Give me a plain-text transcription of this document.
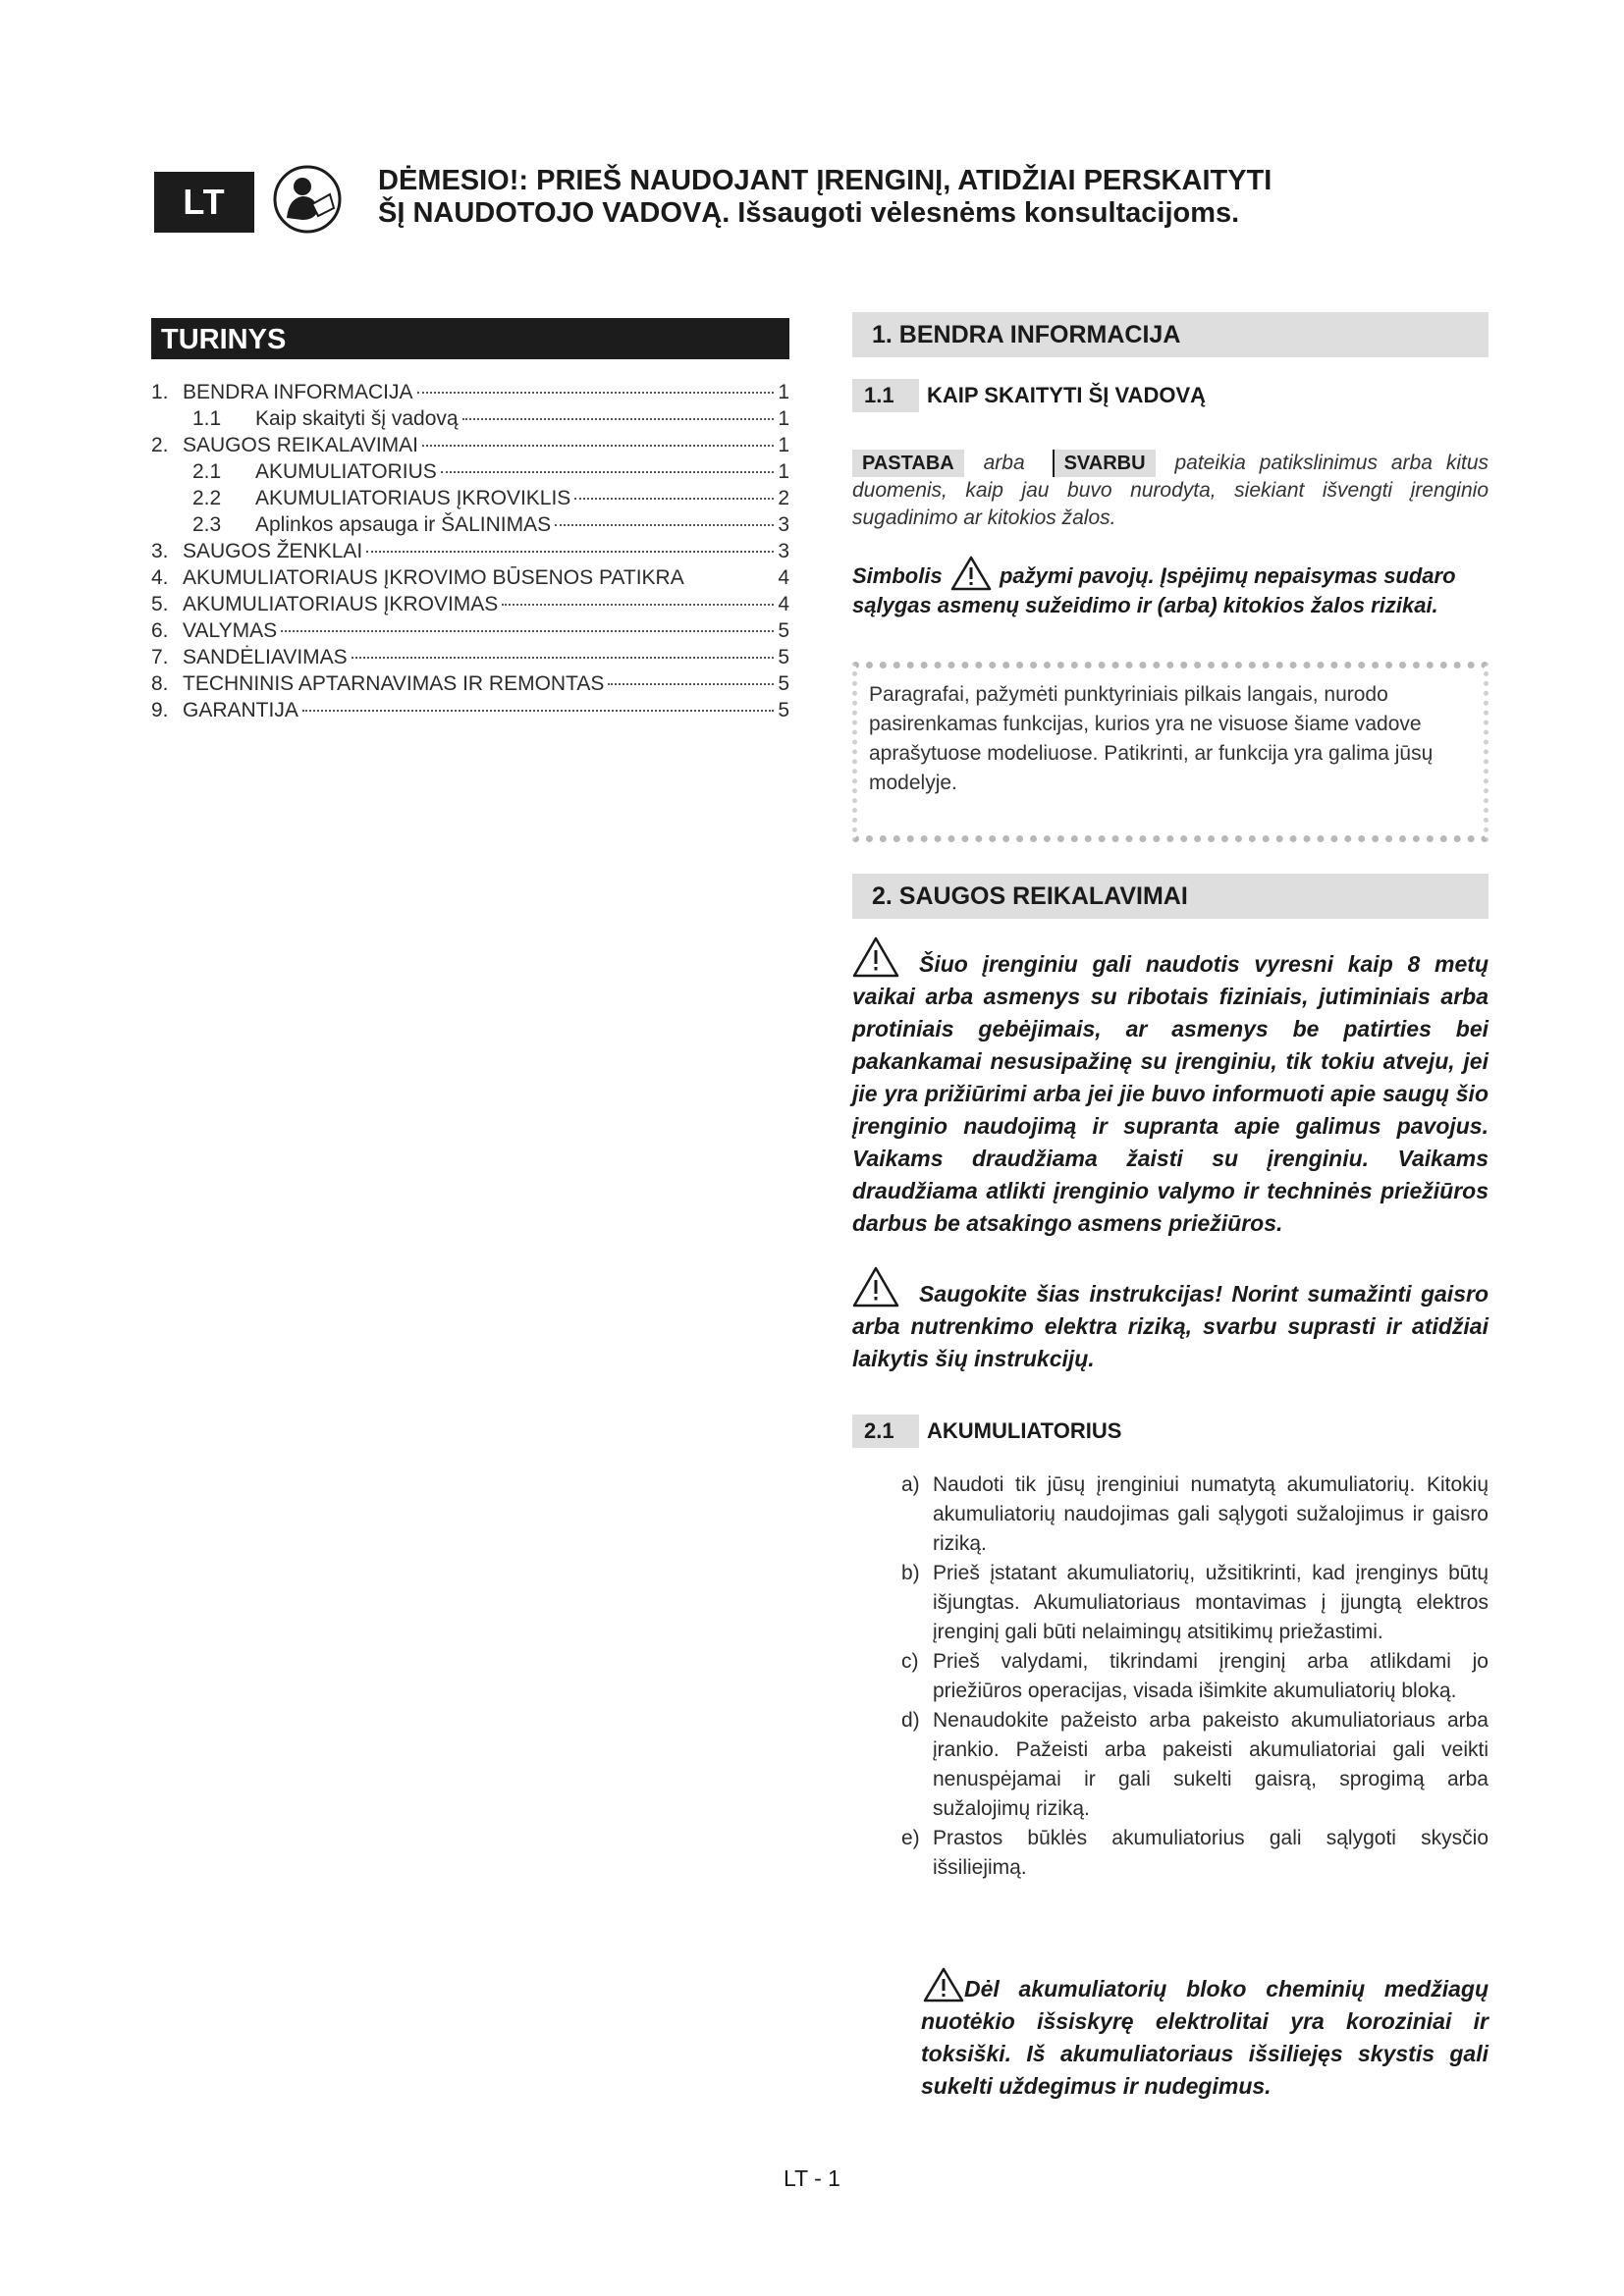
LT
DĖMESIO!: PRIEŠ NAUDOJANT ĮRENGINĮ, ATIDŽIAI PERSKAITYTI
ŠĮ NAUDOTOJO VADOVĄ. Išsaugoti vėlesnėms konsultacijoms.
TURINYS
1. BENDRA INFORMACIJA	1
1.1	Kaip skaityti šį vadovą	1
2. SAUGOS REIKALAVIMAI	1
2.1	AKUMULIATORIUS	1
2.2	AKUMULIATORIAUS ĮKROVIKLIS	2
2.3	Aplinkos apsauga ir ŠALINIMAS	3
3. SAUGOS ŽENKLAI	3
4. AKUMULIATORIAUS ĮKROVIMO BŪSENOS PATIKRA	4
5. AKUMULIATORIAUS ĮKROVIMAS	4
6. VALYMAS	5
7. SANDĖLIAVIMAS	5
8. TECHNINIS APTARNAVIMAS IR REMONTAS	5
9. GARANTIJA	5
1. BENDRA INFORMACIJA
1.1	KAIP SKAITYTI ŠĮ VADOVĄ
PASTABA arba SVARBU pateikia patikslinimus arba kitus duomenis, kaip jau buvo nurodyta, siekiant išvengti įrenginio sugadinimo ar kitokios žalos.
Simbolis	pažymi pavojų. Įspėjimų nepaisymas sudaro sąlygas asmenų sužeidimo ir (arba) kitokios žalos rizikai.

Paragrafai, pažymėti punktyriniais pilkais langais, nurodo pasirenkamas funkcijas, kurios yra ne visuose šiame vadove aprašytuose modeliuose. Patikrinti, ar funkcija yra galima jūsų modelyje.

2. SAUGOS REIKALAVIMAI
Šiuo įrenginiu gali naudotis vyresni kaip 8 metų vaikai arba asmenys su ribotais fiziniais, jutiminiais arba protiniais gebėjimais, ar asmenys be patirties bei pakankamai nesusipažinę su įrenginiu, tik tokiu atveju, jei jie yra prižiūrimi arba jei jie buvo informuoti apie saugų šio įrenginio naudojimą ir supranta apie galimus pavojus. Vaikams draudžiama žaisti su įrenginiu. Vaikams draudžiama atlikti įrenginio valymo ir techninės priežiūros darbus be atsakingo asmens priežiūros.
Saugokite šias instrukcijas! Norint sumažinti gaisro arba nutrenkimo elektra riziką, svarbu suprasti ir atidžiai laikytis šių instrukcijų.
2.1	AKUMULIATORIUS
a) Naudoti tik jūsų įrenginiui numatytą akumuliatorių. Kitokių akumuliatorių naudojimas gali sąlygoti sužalojimus ir gaisro riziką.
b) Prieš įstatant akumuliatorių, užsitikrinti, kad įrenginys būtų išjungtas. Akumuliatoriaus montavimas į įjungtą elektros įrenginį gali būti nelaimingų atsitikimų priežastimi.
c) Prieš valydami, tikrindami įrenginį arba atlikdami jo priežiūros operacijas, visada išimkite akumuliatorių bloką.
d) Nenaudokite pažeisto arba pakeisto akumuliatoriaus arba įrankio. Pažeisti arba pakeisti akumuliatoriai gali veikti nenuspėjamai ir gali sukelti gaisrą, sprogimą arba sužalojimų riziką.
e) Prastos būklės akumuliatorius gali sąlygoti skysčio išsiliejimą.
Dėl akumuliatorių bloko cheminių medžiagų nuotėkio išsiskyrę elektrolitai yra koroziniai ir toksiški. Iš akumuliatoriaus išsiliejęs skystis gali sukelti uždegimus ir nudegimus.
LT - 1
